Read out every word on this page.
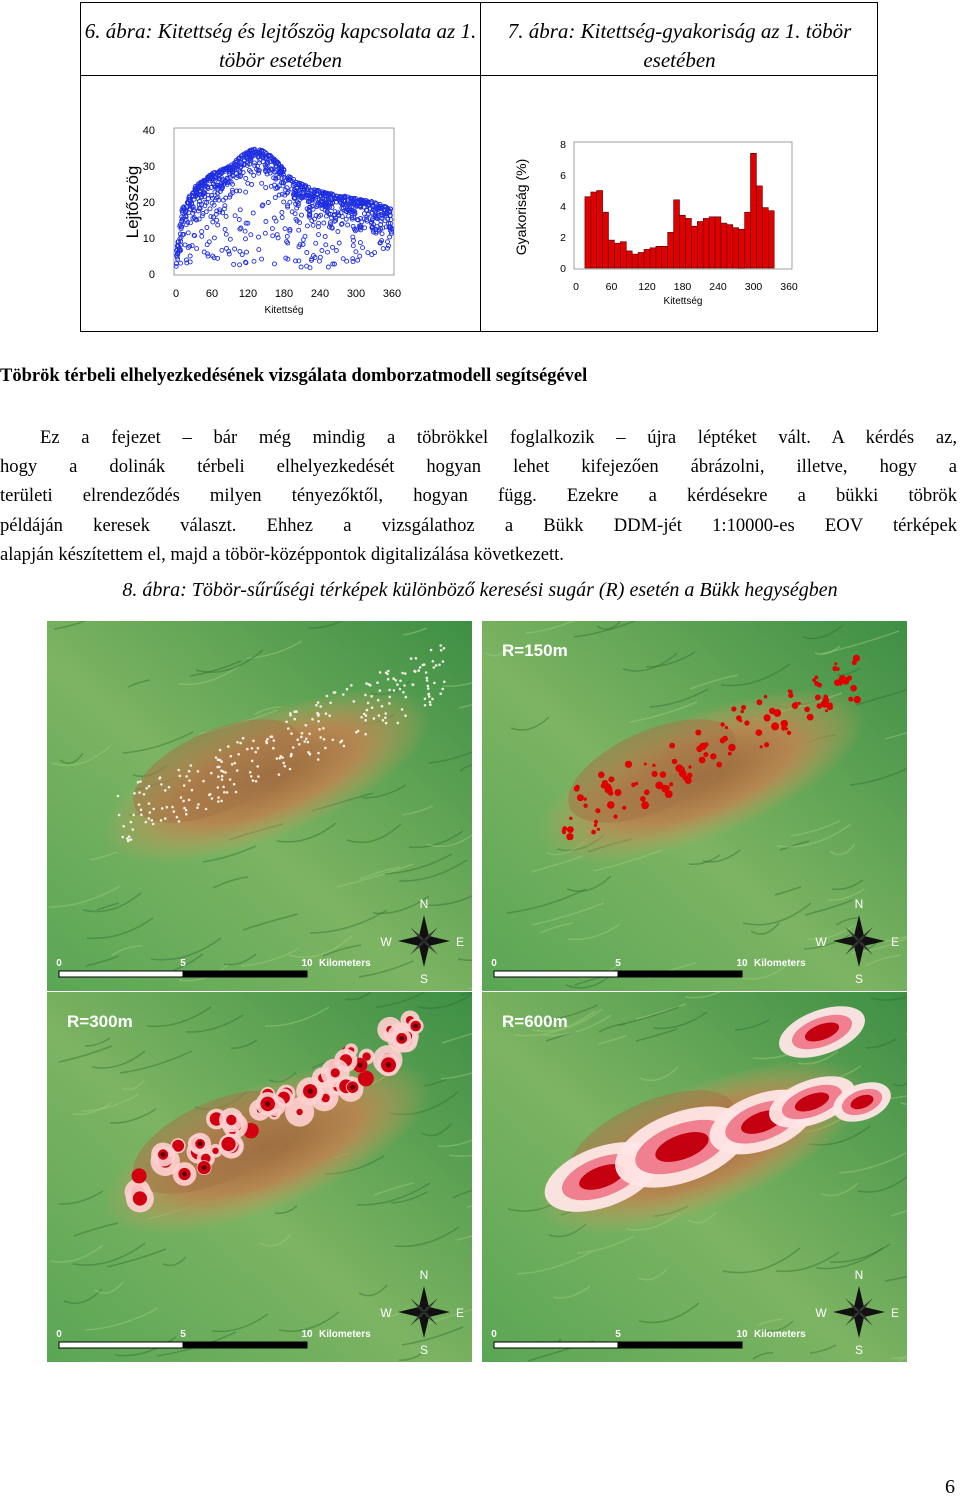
6. ábra: Kitettség és lejtőszög kapcsolata az 1. töbör esetében
7. ábra: Kitettség-gyakoriság az 1. töbör esetében
0
10
20
30
40
0 60 120 180 240 300 360
Lejtőszög
Kitettség
0
2
4
6
8
0	60 120 180 240 300 360
Gyakoriság (%)
Kitettség
Töbrök térbeli elhelyezkedésének vizsgálata domborzatmodell segítségével
Ez a fejezet – bár még mindig a töbrökkel foglalkozik – újra léptéket vált. A kérdés az,
hogy a dolinák térbeli elhelyezkedését hogyan lehet kifejezően ábrázolni, illetve, hogy a
területi elrendeződés milyen tényezőktől, hogyan függ. Ezekre a kérdésekre a bükki töbrök
példáján keresek választ. Ehhez a vizsgálathoz a Bükk DDM-jét 1:10000-es EOV térképek
alapján készítettem el, majd a töbör-középpontok digitalizálása következett.
8. ábra: Töbör-sűrűségi térképek különböző keresési sugár (R) esetén a Bükk hegységben
N
S
E
W
0	5	10 Kilometers
R=150m
N
S
E
W
0	5	10 Kilometers
R=300m
N
S
E
W
0	5	10 Kilometers
R=600m
N
S
E
W
0	5	10 Kilometers
6
